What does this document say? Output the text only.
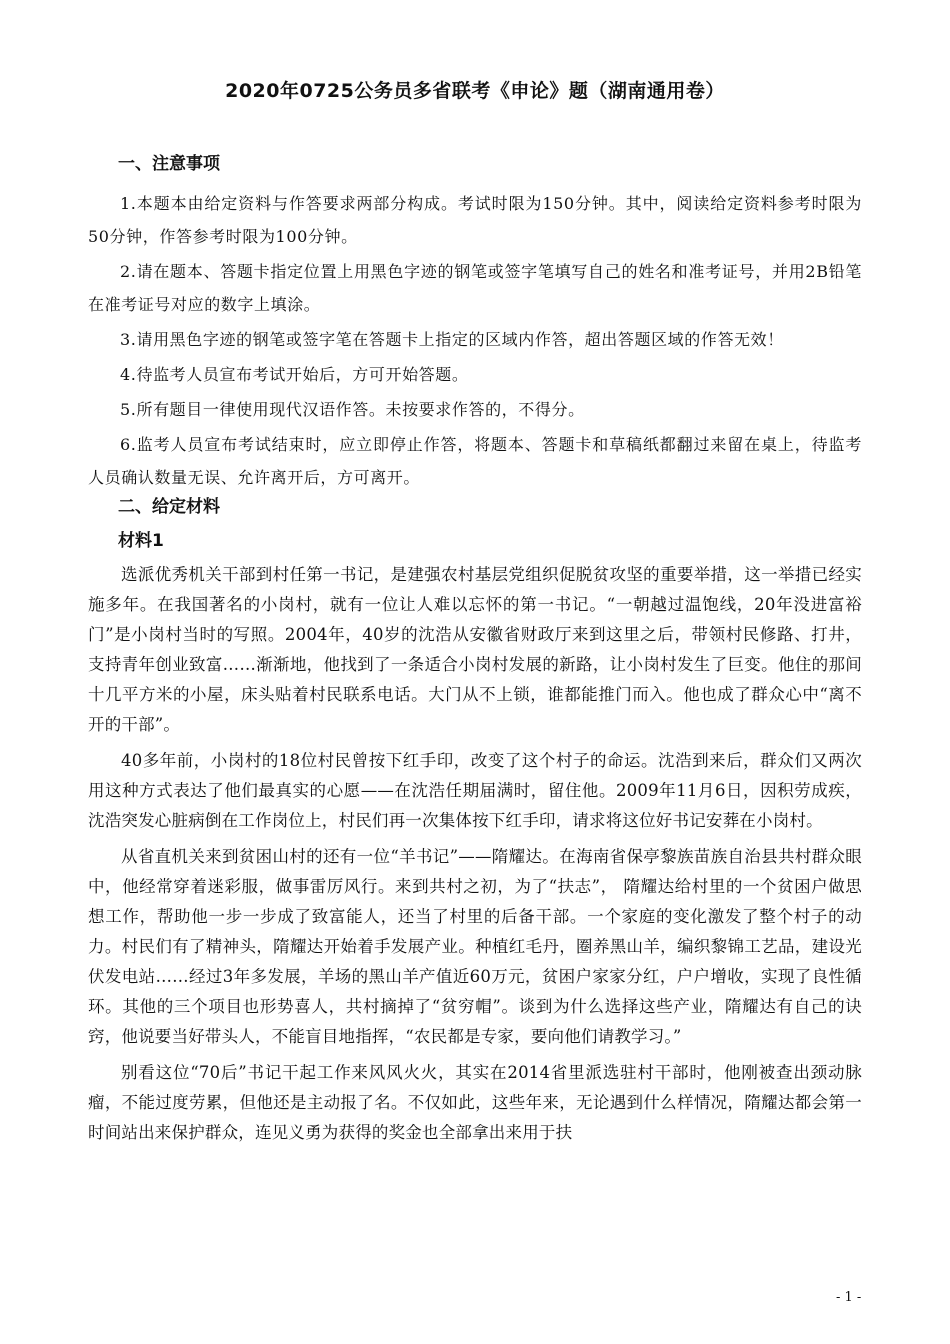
2020年0725公务员多省联考《申论》题（湖南通用卷）
一、注意事项

1.本题本由给定资料与作答要求两部分构成。考试时限为150分钟。其中，阅读给定资料参考时限为50分钟，作答参考时限为100分钟。

2.请在题本、答题卡指定位置上用黑色字迹的钢笔或签字笔填写自己的姓名和准考证号，并用2B铅笔在准考证号对应的数字上填涂。

3.请用黑色字迹的钢笔或签字笔在答题卡上指定的区域内作答，超出答题区域的作答无效！

4.待监考人员宣布考试开始后，方可开始答题。

5.所有题目一律使用现代汉语作答。未按要求作答的，不得分。

6.监考人员宣布考试结束时，应立即停止作答，将题本、答题卡和草稿纸都翻过来留在桌上，待监考人员确认数量无误、允许离开后，方可离开。

二、给定材料
材料1

选派优秀机关干部到村任第一书记，是建强农村基层党组织促脱贫攻坚的重要举措，这一举措已经实施多年。在我国著名的小岗村，就有一位让人难以忘怀的第一书记。“一朝越过温饱线，20年没进富裕门”是小岗村当时的写照。2004年，40岁的沈浩从安徽省财政厅来到这里之后，带领村民修路、打井，支持青年创业致富……渐渐地，他找到了一条适合小岗村发展的新路，让小岗村发生了巨变。他住的那间十几平方米的小屋，床头贴着村民联系电话。大门从不上锁，谁都能推门而入。他也成了群众心中“离不开的干部”。

40多年前，小岗村的18位村民曾按下红手印，改变了这个村子的命运。沈浩到来后，群众们又两次用这种方式表达了他们最真实的心愿——在沈浩任期届满时，留住他。2009年11月6日，因积劳成疾，沈浩突发心脏病倒在工作岗位上，村民们再一次集体按下红手印，请求将这位好书记安葬在小岗村。

从省直机关来到贫困山村的还有一位“羊书记”——隋耀达。在海南省保亭黎族苗族自治县共村群众眼中，他经常穿着迷彩服，做事雷厉风行。来到共村之初，为了“扶志”， 隋耀达给村里的一个贫困户做思想工作，帮助他一步一步成了致富能人，还当了村里的后备干部。一个家庭的变化激发了整个村子的动力。村民们有了精神头，隋耀达开始着手发展产业。种植红毛丹，圈养黑山羊，编织黎锦工艺品，建设光伏发电站……经过3年多发展，羊场的黑山羊产值近60万元，贫困户家家分红，户户增收，实现了良性循环。其他的三个项目也形势喜人，共村摘掉了“贫穷帽”。谈到为什么选择这些产业，隋耀达有自己的诀窍，他说要当好带头人，不能盲目地指挥，“农民都是专家，要向他们请教学习。”

别看这位“70后”书记干起工作来风风火火，其实在2014省里派选驻村干部时，他刚被查出颈动脉瘤，不能过度劳累，但他还是主动报了名。不仅如此，这些年来，无论遇到什么样情况，隋耀达都会第一时间站出来保护群众，连见义勇为获得的奖金也全部拿出来用于扶

- 1 -
